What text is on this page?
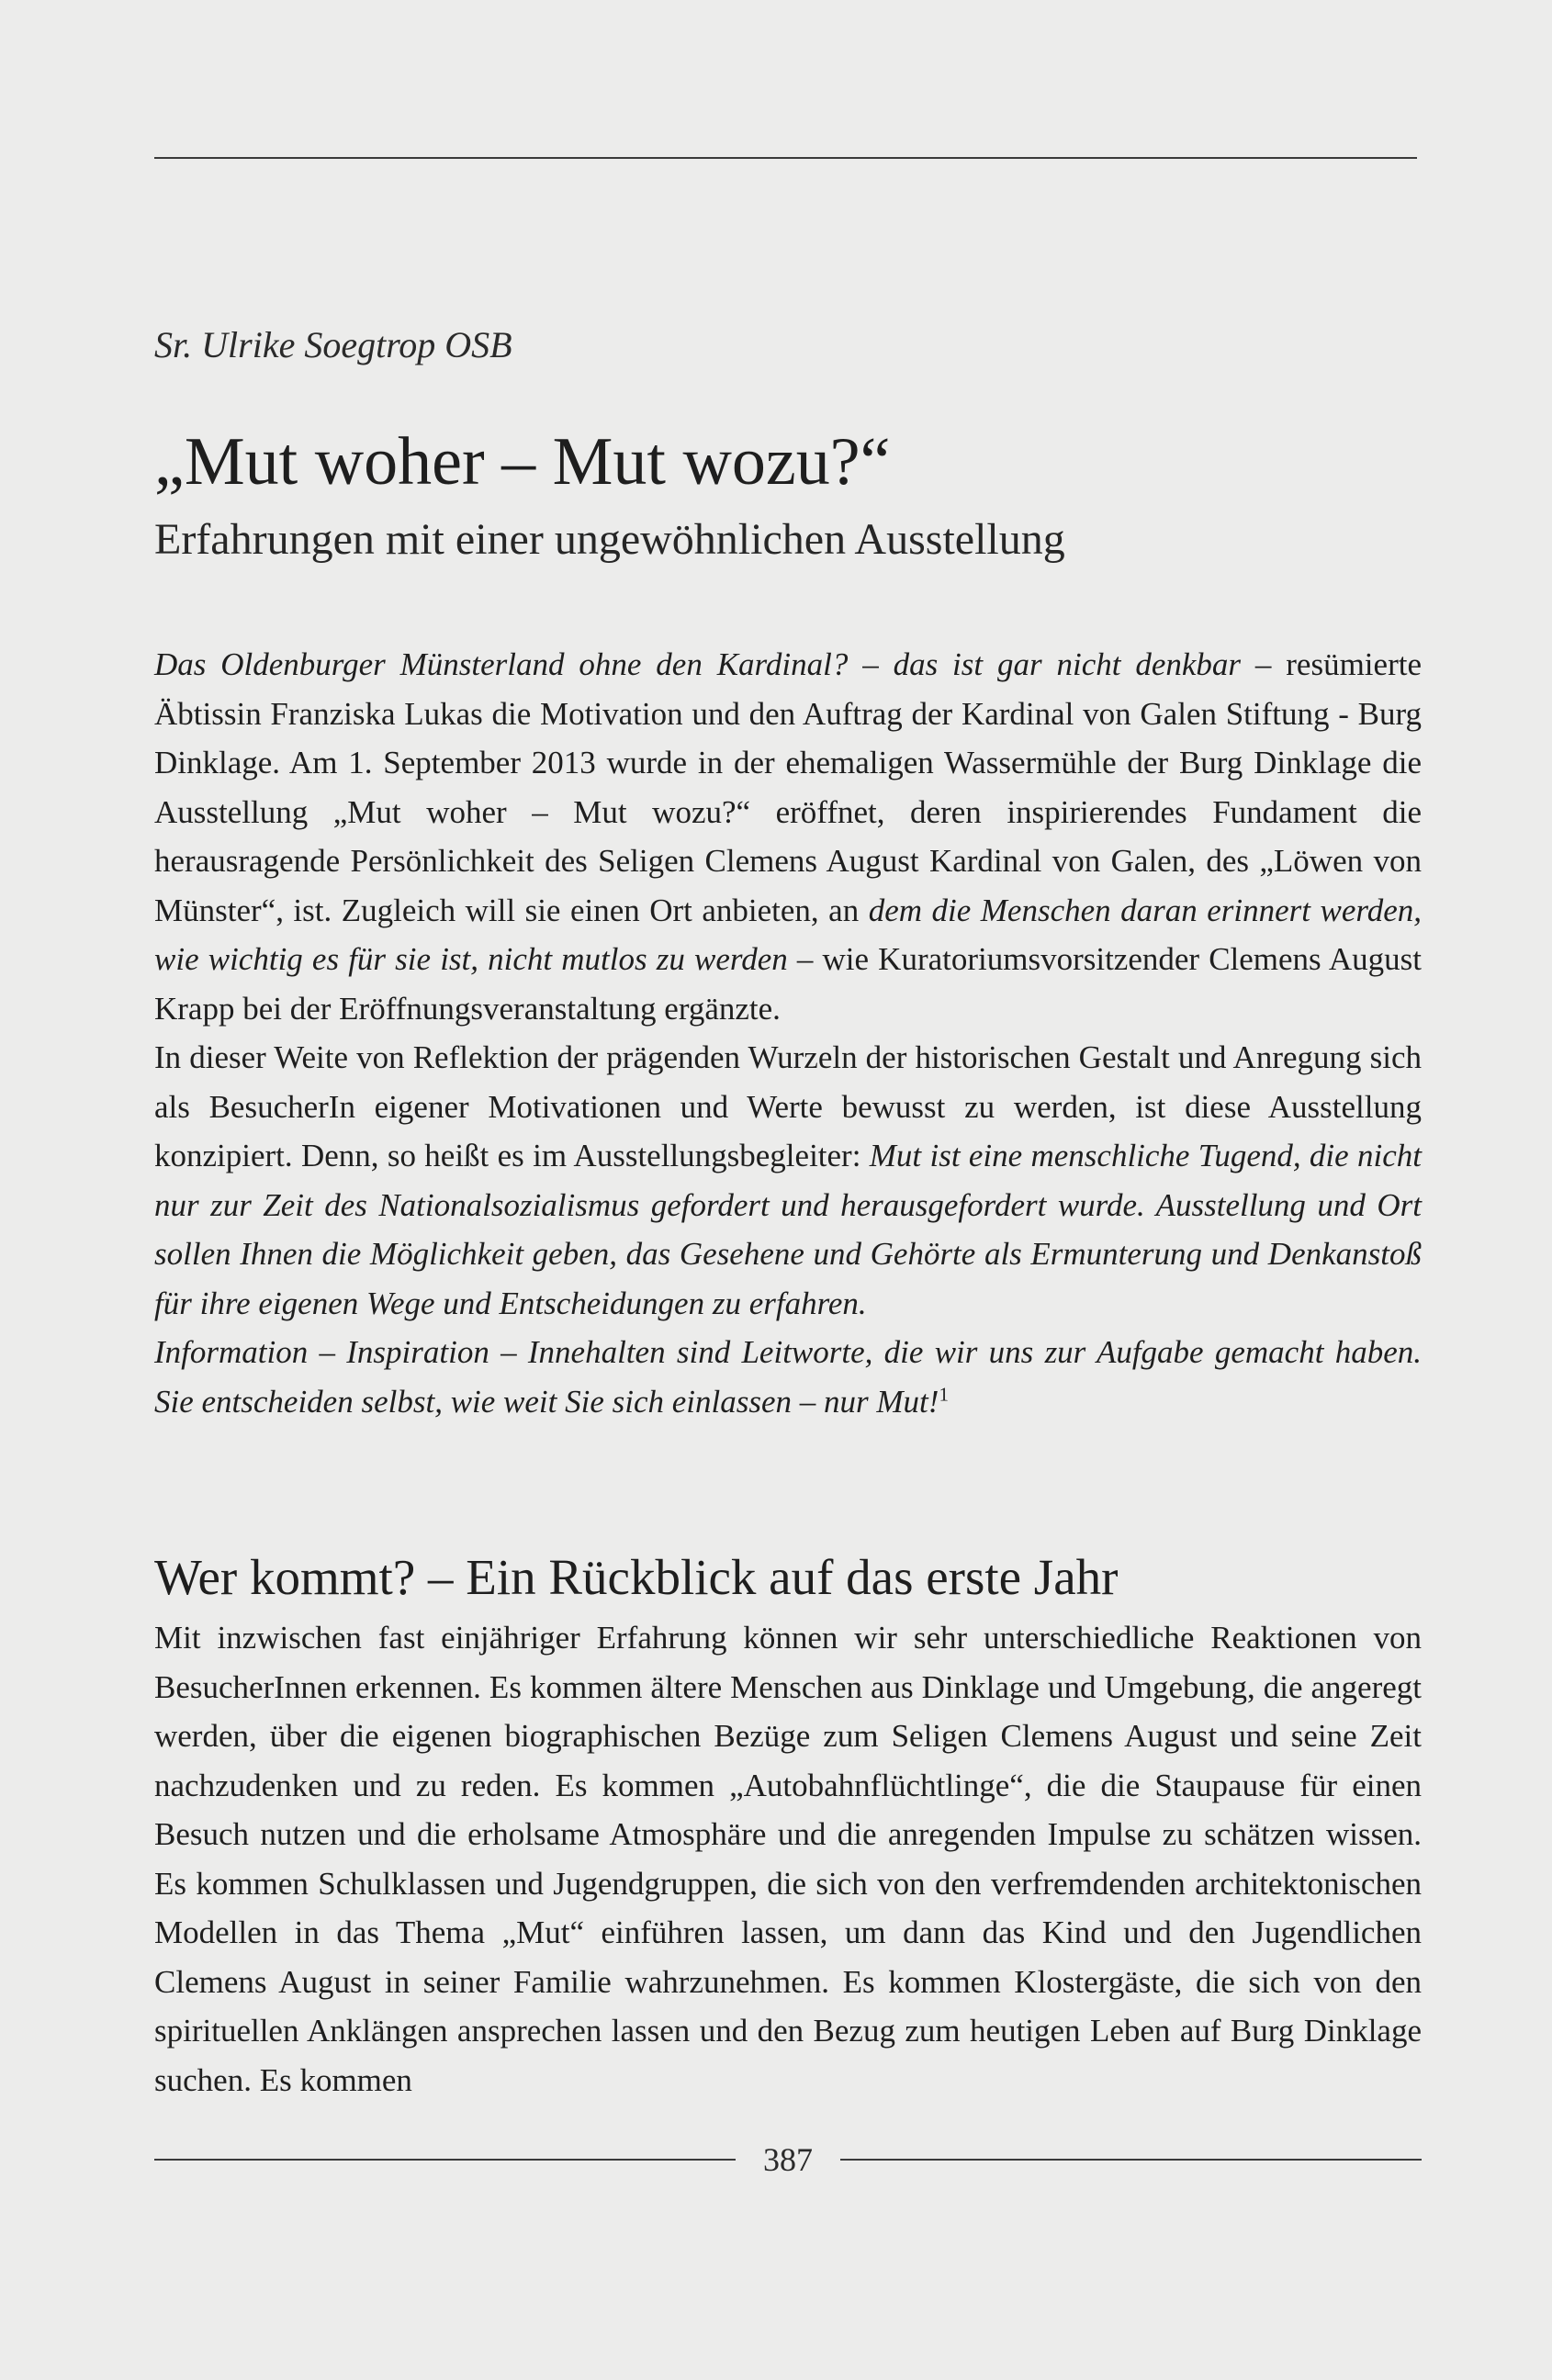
Sr. Ulrike Soegtrop OSB
„Mut woher – Mut wozu?“
Erfahrungen mit einer ungewöhnlichen Ausstellung

Das Oldenburger Münsterland ohne den Kardinal? – das ist gar nicht denkbar – resümierte Äbtissin Franziska Lukas die Motivation und den Auftrag der Kardinal von Galen Stiftung - Burg Dinklage. Am 1. September 2013 wurde in der ehemaligen Wassermühle der Burg Dinklage die Ausstellung „Mut woher – Mut wozu?“ eröffnet, deren inspirierendes Fundament die herausragende Persönlichkeit des Seligen Clemens August Kardinal von Galen, des „Löwen von Münster“, ist. Zugleich will sie einen Ort anbieten, an dem die Menschen daran erinnert werden, wie wichtig es für sie ist, nicht mutlos zu werden – wie Kuratoriumsvorsitzender Clemens August Krapp bei der Eröffnungsveranstaltung ergänzte.

In dieser Weite von Reflektion der prägenden Wurzeln der historischen Gestalt und Anregung sich als BesucherIn eigener Motivationen und Werte bewusst zu werden, ist diese Ausstellung konzipiert. Denn, so heißt es im Ausstellungsbegleiter: Mut ist eine menschliche Tugend, die nicht nur zur Zeit des Nationalsozialismus gefordert und herausgefordert wurde. Ausstellung und Ort sollen Ihnen die Möglichkeit geben, das Gesehene und Gehörte als Ermunterung und Denkanstoß für ihre eigenen Wege und Entscheidungen zu erfahren.

Information – Inspiration – Innehalten sind Leitworte, die wir uns zur Aufgabe gemacht haben. Sie entscheiden selbst, wie weit Sie sich einlassen – nur Mut!$^1$

Wer kommt? – Ein Rückblick auf das erste Jahr

Mit inzwischen fast einjähriger Erfahrung können wir sehr unterschiedliche Reaktionen von BesucherInnen erkennen. Es kommen ältere Menschen aus Dinklage und Umgebung, die angeregt werden, über die eigenen biographischen Bezüge zum Seligen Clemens August und seine Zeit nachzudenken und zu reden. Es kommen „Autobahnflüchtlinge“, die die Staupause für einen Besuch nutzen und die erholsame Atmosphäre und die anregenden Impulse zu schätzen wissen. Es kommen Schulklassen und Jugendgruppen, die sich von den verfremdenden architektonischen Modellen in das Thema „Mut“ einführen lassen, um dann das Kind und den Jugendlichen Clemens August in seiner Familie wahrzunehmen. Es kommen Klostergäste, die sich von den spirituellen Anklängen ansprechen lassen und den Bezug zum heutigen Leben auf Burg Dinklage suchen. Es kommen

387
